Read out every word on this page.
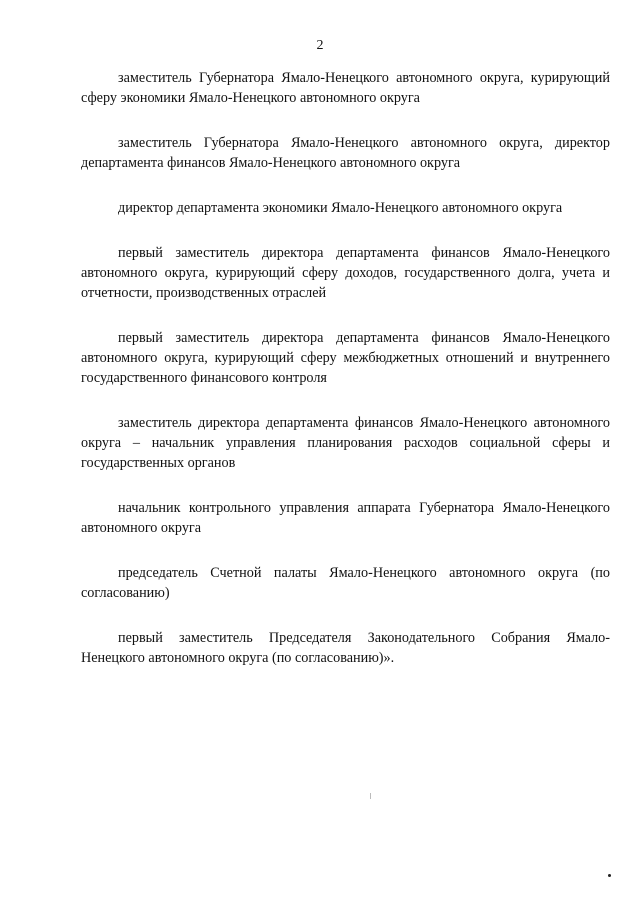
2

заместитель Губернатора Ямало-Ненецкого автономного округа, курирующий сферу экономики Ямало-Ненецкого автономного округа

заместитель Губернатора Ямало-Ненецкого автономного округа, директор департамента финансов Ямало-Ненецкого автономного округа

директор департамента экономики Ямало-Ненецкого автономного округа

первый заместитель директора департамента финансов Ямало-Ненецкого автономного округа, курирующий сферу доходов, государственного долга, учета и отчетности, производственных отраслей

первый заместитель директора департамента финансов Ямало-Ненецкого автономного округа, курирующий сферу межбюджетных отношений и внутреннего государственного финансового контроля

заместитель директора департамента финансов Ямало-Ненецкого автономного округа – начальник управления планирования расходов социальной сферы и государственных органов

начальник контрольного управления аппарата Губернатора Ямало-Ненецкого автономного округа

председатель Счетной палаты Ямало-Ненецкого автономного округа (по согласованию)

первый заместитель Председателя Законодательного Собрания Ямало-Ненецкого автономного округа (по согласованию)».
